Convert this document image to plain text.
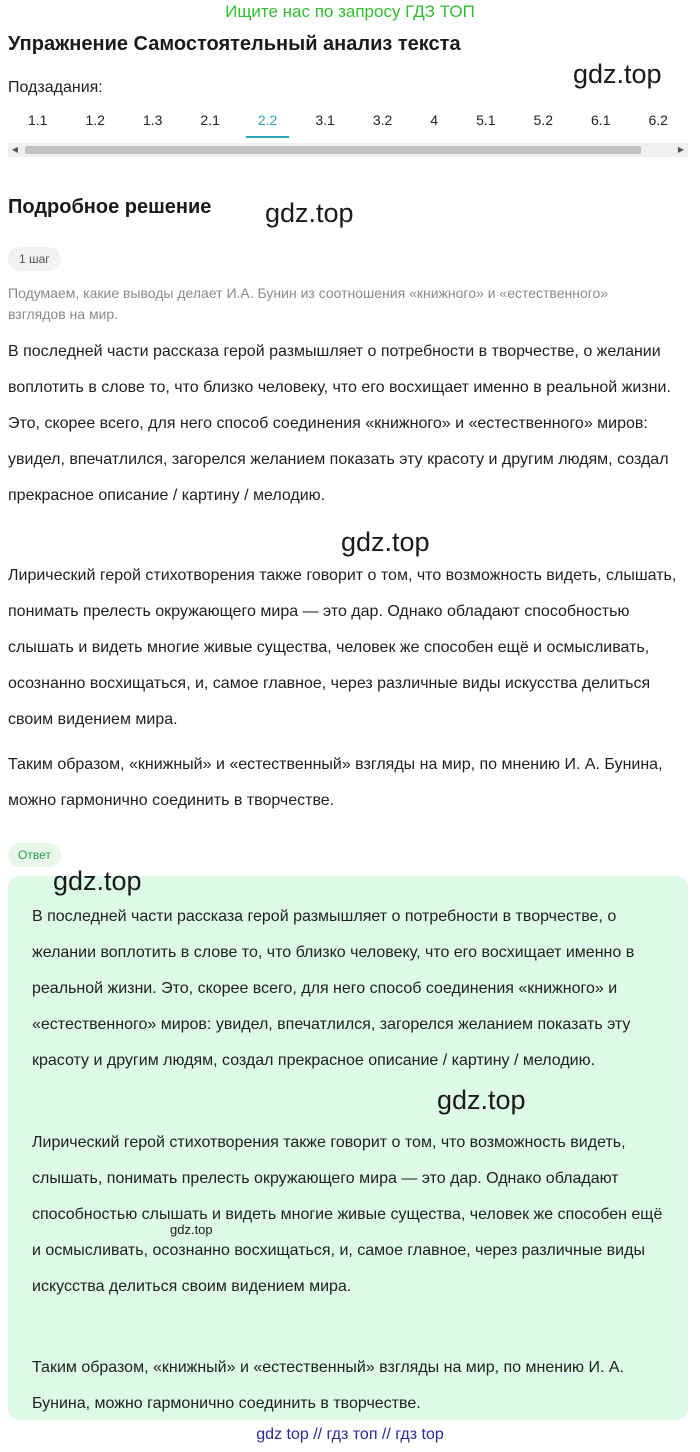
Ищите нас по запросу ГДЗ ТОП
Упражнение Самостоятельный анализ текста
gdz.top
Подзадания:
1.1	1.2	1.3	2.1	2.2	3.1	3.2	4	5.1	5.2	6.1	6.2
◀	▶
Подробное решение gdz.top
1 шаг
Подумаем, какие выводы делает И.А. Бунин из соотношения «книжного» и «естественного» взглядов на мир.

В последней части рассказа герой размышляет о потребности в творчестве, о желании воплотить в слове то, что близко человеку, что его восхищает именно в реальной жизни. Это, скорее всего, для него способ соединения «книжного» и «естественного» миров: увидел, впечатлился, загорелся желанием показать эту красоту и другим людям, создал прекрасное описание / картину / мелодию.

gdz.top

Лирический герой стихотворения также говорит о том, что возможность видеть, слышать, понимать прелесть окружающего мира — это дар. Однако обладают способностью слышать и видеть многие живые существа, человек же способен ещё и осмысливать, осознанно восхищаться, и, самое главное, через различные виды искусства делиться своим видением мира.

Таким образом, «книжный» и «естественный» взгляды на мир, по мнению И. А. Бунина, можно гармонично соединить в творчестве.

Ответ
gdz.top

В последней части рассказа герой размышляет о потребности в творчестве, о желании воплотить в слове то, что близко человеку, что его восхищает именно в реальной жизни. Это, скорее всего, для него способ соединения «книжного» и «естественного» миров: увидел, впечатлился, загорелся желанием показать эту красоту и другим людям, создал прекрасное описание / картину / мелодию.

gdz.top

Лирический герой стихотворения также говорит о том, что возможность видеть, слышать, понимать прелесть окружающего мира — это дар. Однако обладают способностью слышать и видеть многие живые существа, человек же способен ещё и осмысливать, осознанно восхищаться, и, самое главное, через различные виды искусства делиться своим видением мира.

gdz.top

Таким образом, «книжный» и «естественный» взгляды на мир, по мнению И. А. Бунина, можно гармонично соединить в творчестве.

gdz top // гдз топ // гдз top
